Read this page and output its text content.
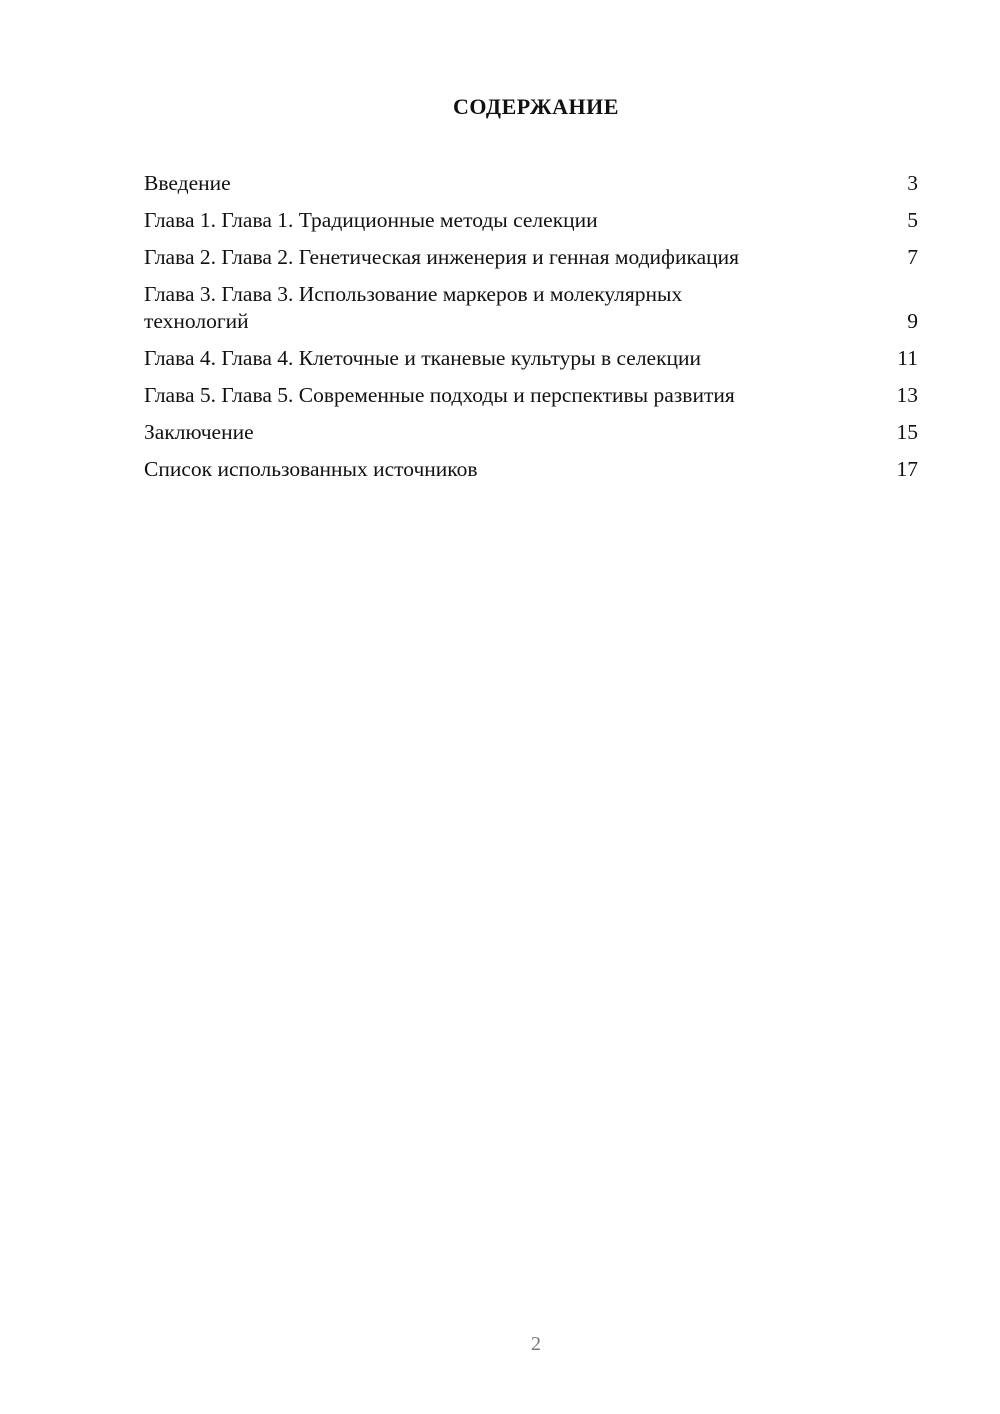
СОДЕРЖАНИЕ
Введение	3
Глава 1. Глава 1. Традиционные методы селекции	5
Глава 2. Глава 2. Генетическая инженерия и генная модификация	7
Глава 3. Глава 3. Использование маркеров и молекулярных технологий	9
Глава 4. Глава 4. Клеточные и тканевые культуры в селекции	11
Глава 5. Глава 5. Современные подходы и перспективы развития	13
Заключение	15
Список использованных источников	17
2
